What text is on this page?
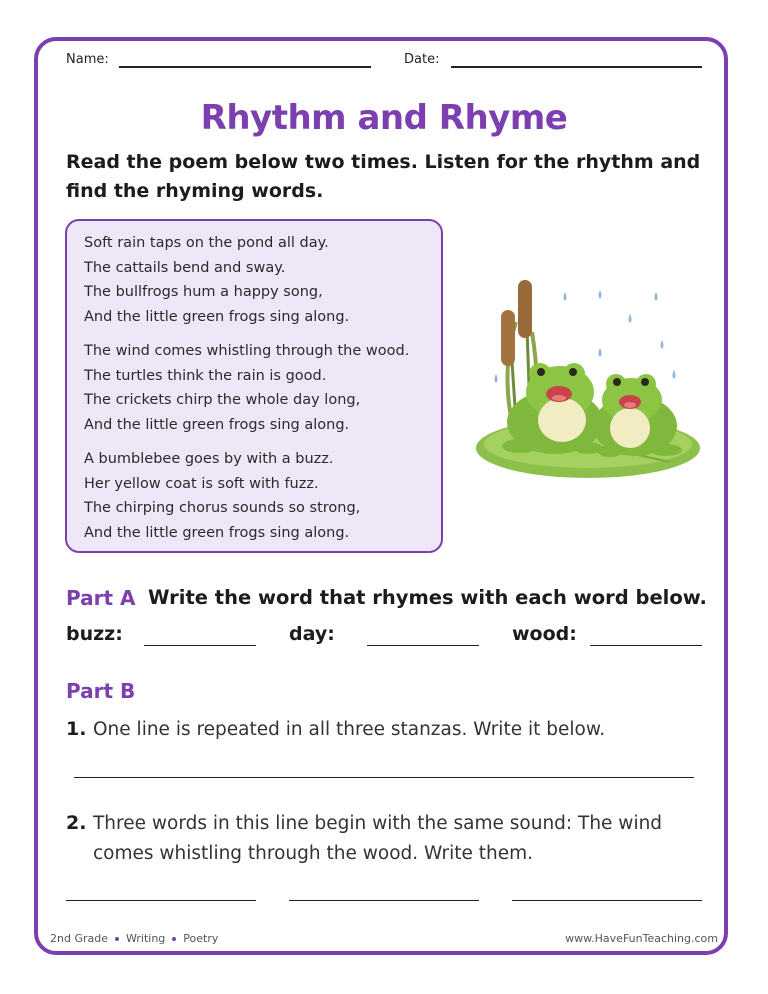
Name:	Date:
Rhythm and Rhyme
Read the poem below two times. Listen for the rhythm and find the rhyming words.
Soft rain taps on the pond all day.
The cattails bend and sway.
The bullfrogs hum a happy song,
And the little green frogs sing along.
The wind comes whistling through the wood.
The turtles think the rain is good.
The crickets chirp the whole day long,
And the little green frogs sing along.
A bumblebee goes by with a buzz.
Her yellow coat is soft with fuzz.
The chirping chorus sounds so strong,
And the little green frogs sing along.
Part A Write the word that rhymes with each word below.
buzz:	day:	wood:
Part B
1. One line is repeated in all three stanzas. Write it below.
2. Three words in this line begin with the same sound: The wind
comes whistling through the wood. Write them.
2nd Grade Writing Poetry	www.HaveFunTeaching.com
